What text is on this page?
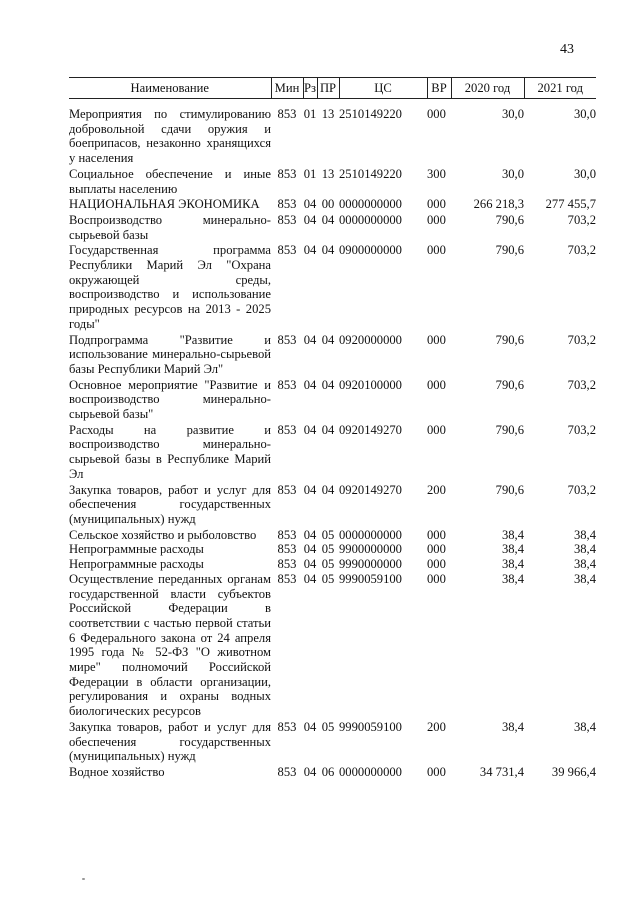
43
Наименование	Мин	Рз	ПР	ЦС	ВР	2020 год	2021 год
Мероприятия по стимулированию добровольной сдачи оружия и боеприпасов, незаконно хранящихся у населения	853	01	13	2510149220	000	30,0	30,0
Социальное обеспечение и иные выплаты населению	853	01	13	2510149220	300	30,0	30,0
НАЦИОНАЛЬНАЯ ЭКОНОМИКА	853	04	00	0000000000	000	266 218,3	277 455,7
Воспроизводство минерально-сырьевой базы	853	04	04	0000000000	000	790,6	703,2
Государственная программа Республики Марий Эл "Охрана окружающей среды, воспроизводство и использование природных ресурсов на 2013 - 2025 годы"	853	04	04	0900000000	000	790,6	703,2
Подпрограмма "Развитие и использование минерально-сырьевой базы Республики Марий Эл"	853	04	04	0920000000	000	790,6	703,2
Основное мероприятие "Развитие и воспроизводство минерально-сырьевой базы"	853	04	04	0920100000	000	790,6	703,2
Расходы на развитие и воспроизводство минерально-сырьевой базы в Республике Марий Эл	853	04	04	0920149270	000	790,6	703,2
Закупка товаров, работ и услуг для обеспечения государственных (муниципальных) нужд	853	04	04	0920149270	200	790,6	703,2
Сельское хозяйство и рыболовство	853	04	05	0000000000	000	38,4	38,4
Непрограммные расходы	853	04	05	9900000000	000	38,4	38,4
Непрограммные расходы	853	04	05	9990000000	000	38,4	38,4
Осуществление переданных органам государственной власти субъектов Российской Федерации в соответствии с частью первой статьи 6 Федерального закона от 24 апреля 1995 года № 52-ФЗ "О животном мире" полномочий Российской Федерации в области организации, регулирования и охраны водных биологических ресурсов	853	04	05	9990059100	000	38,4	38,4
Закупка товаров, работ и услуг для обеспечения государственных (муниципальных) нужд	853	04	05	9990059100	200	38,4	38,4
Водное хозяйство	853	04	06	0000000000	000	34 731,4	39 966,4
